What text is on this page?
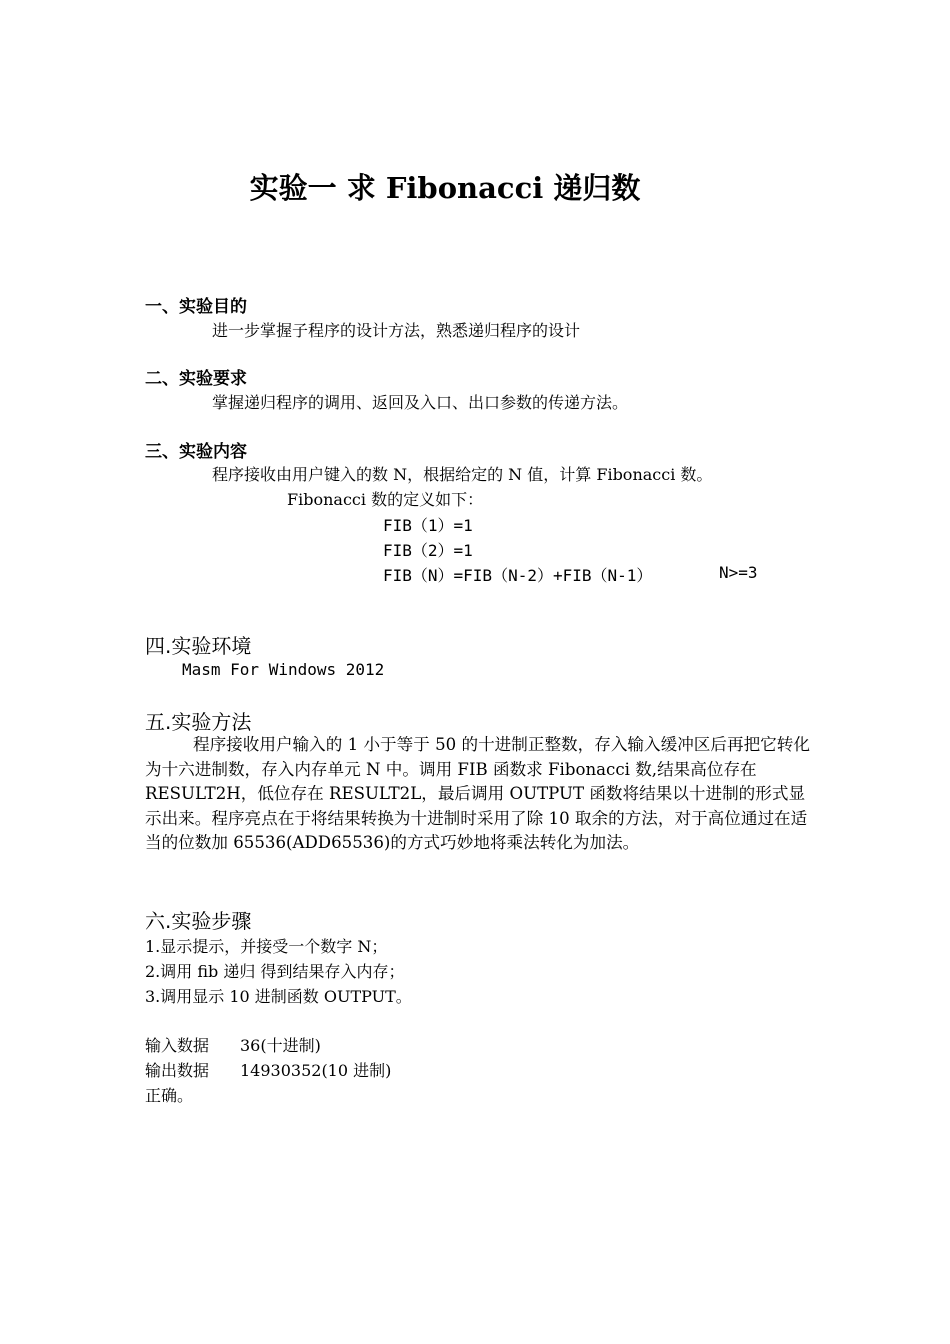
实验一 求 Fibonacci 递归数
一、实验目的
进一步掌握子程序的设计方法，熟悉递归程序的设计
二、实验要求
掌握递归程序的调用、返回及入口、出口参数的传递方法。
三、实验内容
程序接收由用户键入的数 N，根据给定的 N 值，计算 Fibonacci 数。
Fibonacci 数的定义如下：
FIB（1）=1
FIB（2）=1
FIB（N）=FIB（N-2）+FIB（N-1）	N>=3
四.实验环境
Masm For Windows 2012
五.实验方法
程序接收用户输入的 1 小于等于 50 的十进制正整数，存入输入缓冲区后再把它转化为十六进制数，存入内存单元 N 中。调用 FIB 函数求 Fibonacci 数,结果高位存在 RESULT2H，低位存在 RESULT2L，最后调用 OUTPUT 函数将结果以十进制的形式显示出来。程序亮点在于将结果转换为十进制时采用了除 10 取余的方法，对于高位通过在适当的位数加 65536(ADD65536)的方式巧妙地将乘法转化为加法。
六.实验步骤
1.显示提示，并接受一个数字 N；
2.调用 fib 递归 得到结果存入内存；
3.调用显示 10 进制函数 OUTPUT。
输入数据 36(十进制)
输出数据 14930352(10 进制)
正确。
